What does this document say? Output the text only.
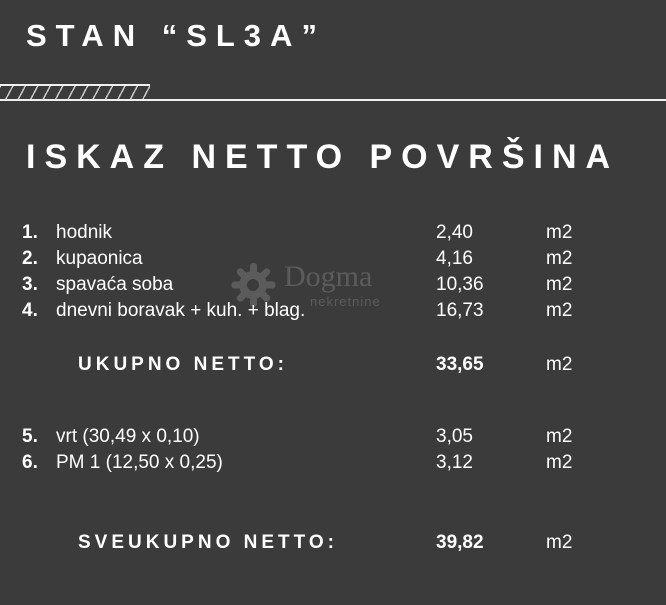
STAN “SL3A”
ISKAZ NETTO POVRŠINA
Dogma
nekretnine
1. hodnik	2,40	m2
2. kupaonica	4,16	m2
3. spavaća soba	10,36	m2
4. dnevni boravak + kuh. + blag.	16,73	m2
UKUPNO NETTO:	33,65	m2
5. vrt (30,49 x 0,10)	3,05	m2
6. PM 1 (12,50 x 0,25)	3,12	m2
SVEUKUPNO NETTO:	39,82	m2
